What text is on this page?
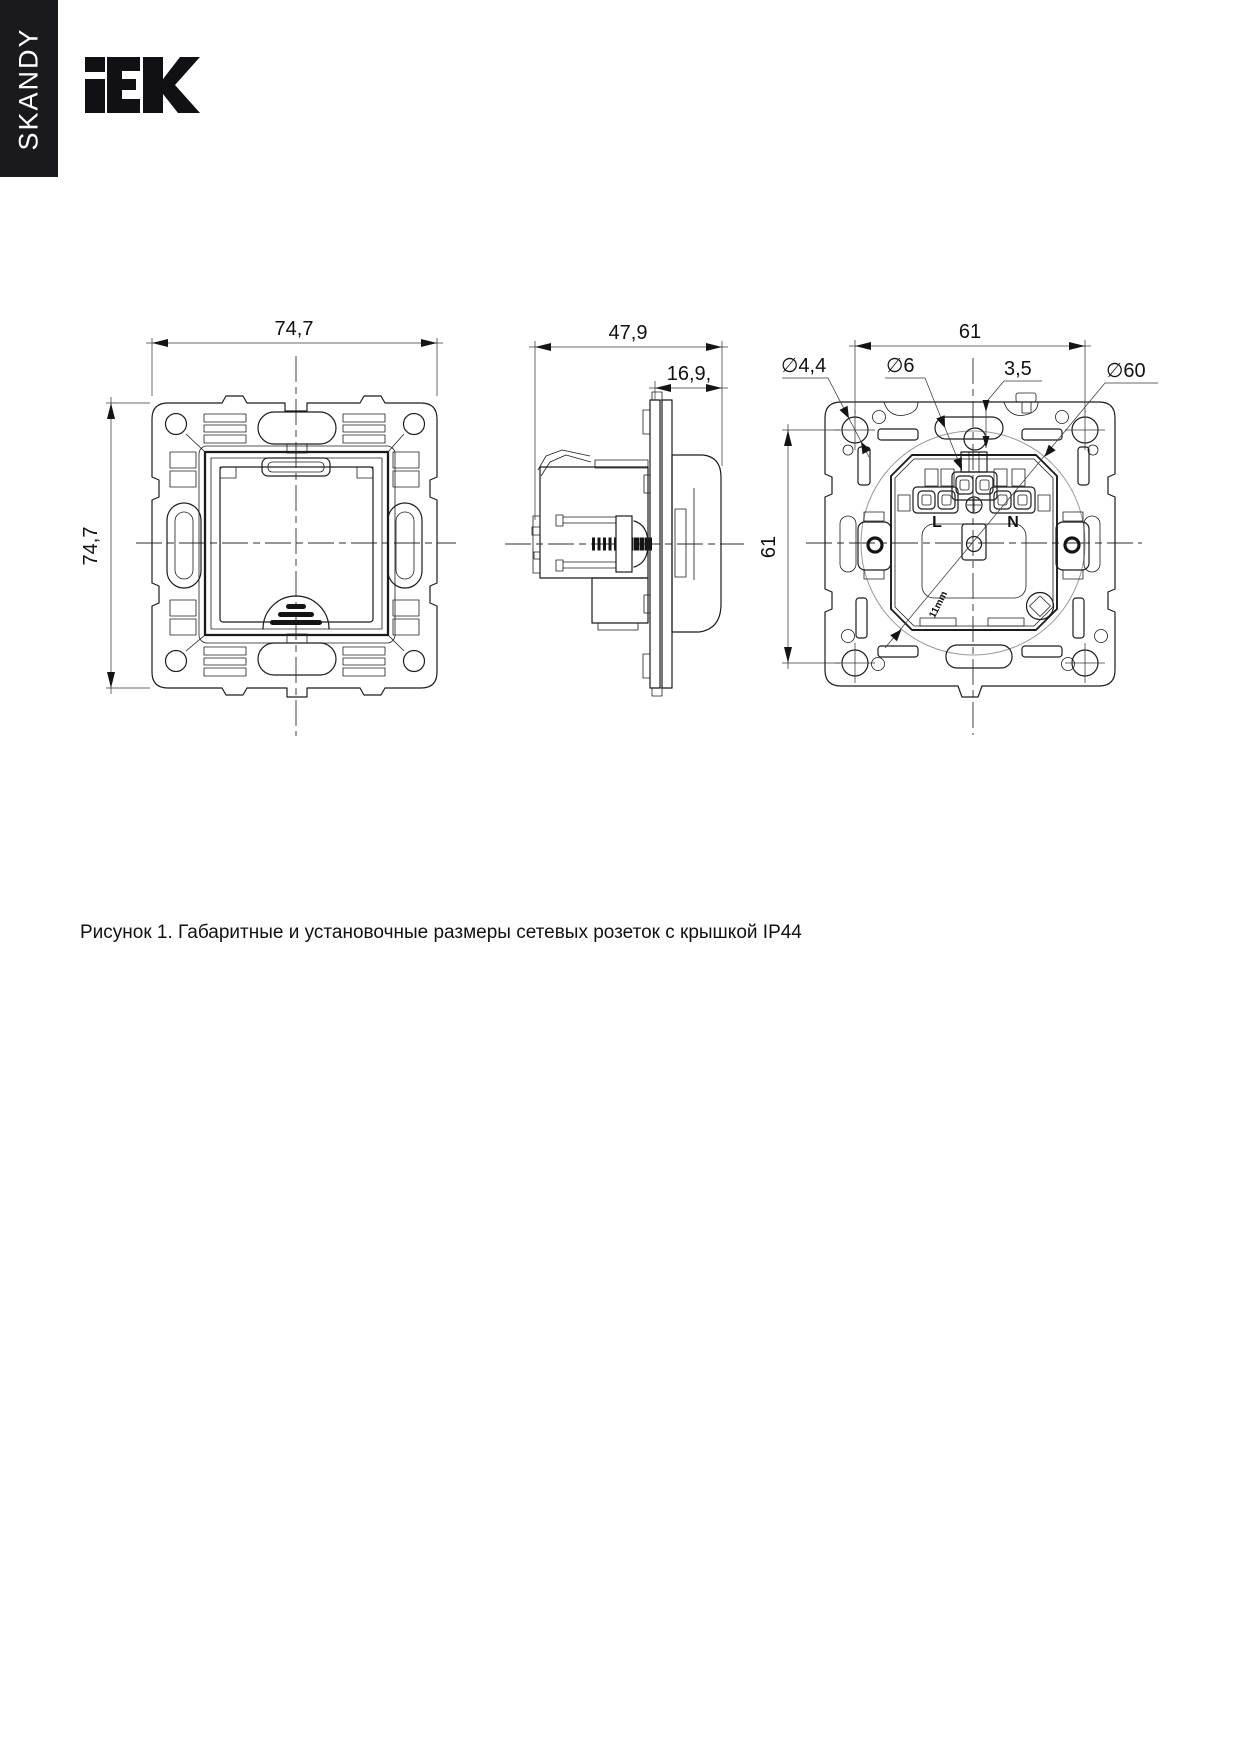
SKANDY
74,7
74,7
47,9
16,9,
L	N
61
61
∅4,4	∅6	3,5	∅60
11mm

Рисунок 1. Габаритные и установочные размеры сетевых розеток с крышкой IP44
